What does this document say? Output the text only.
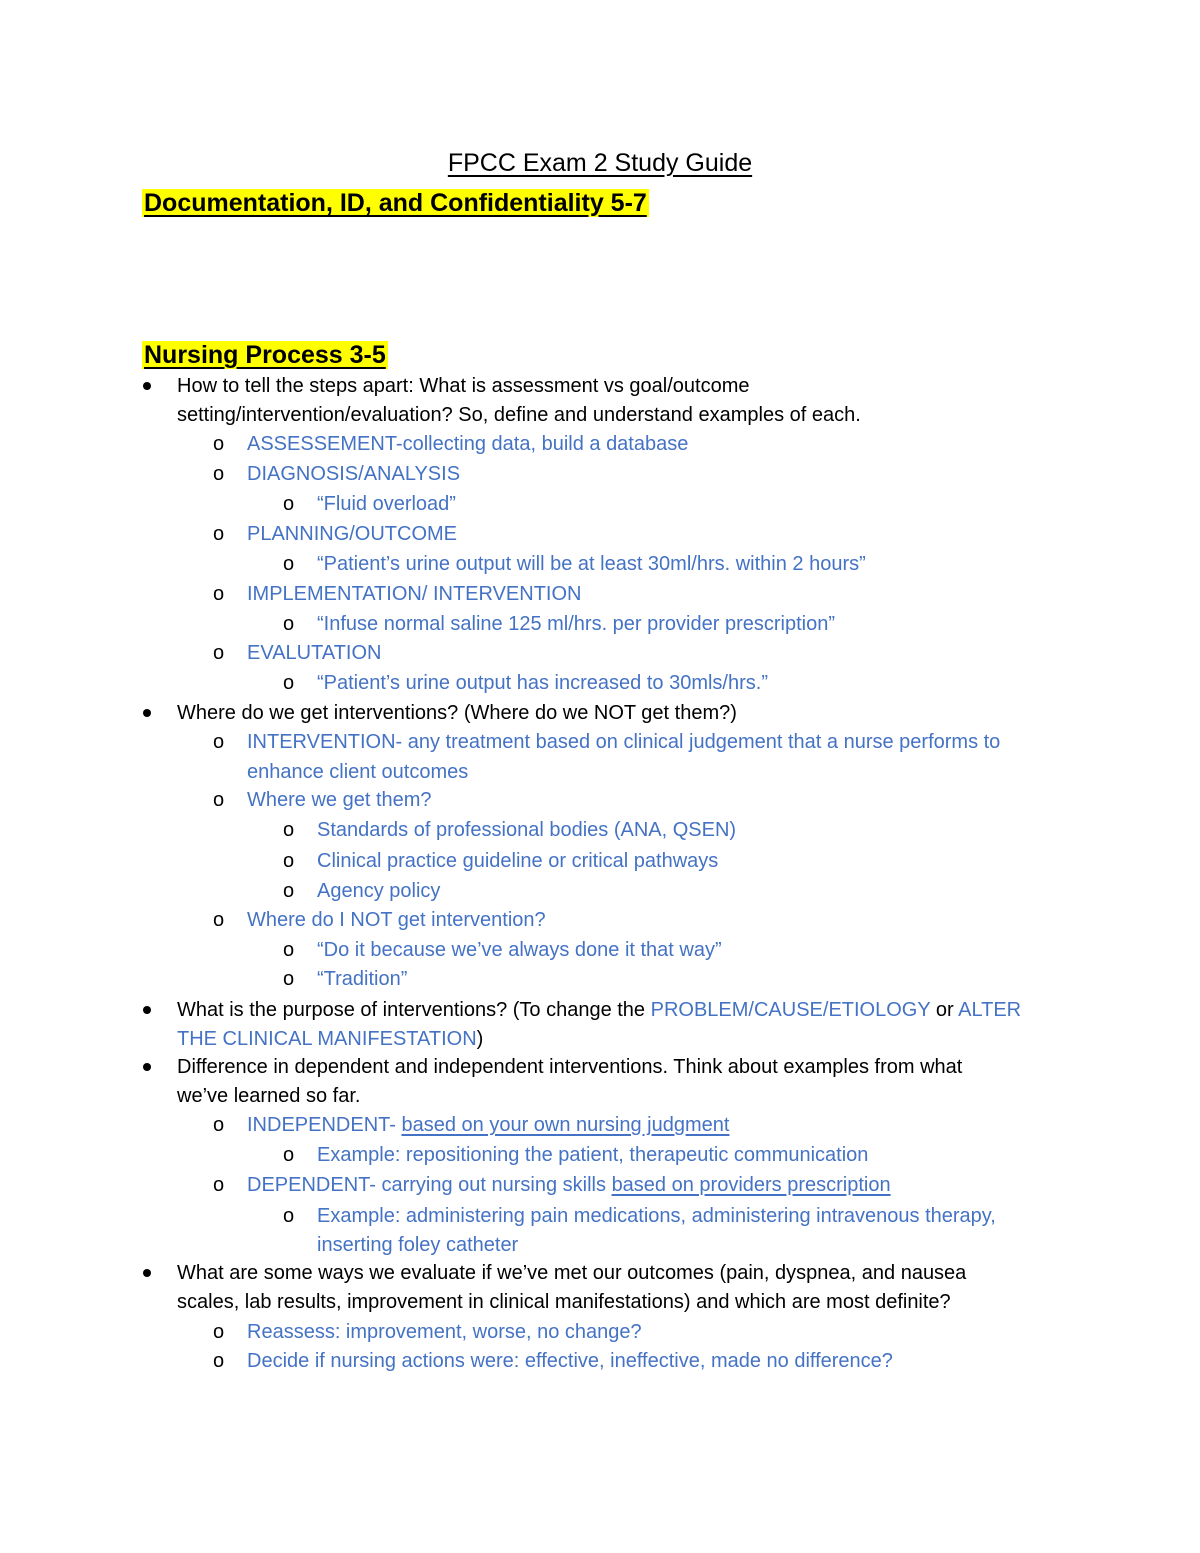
FPCC Exam 2 Study Guide
Documentation, ID, and Confidentiality 5-7
Nursing Process 3-5
How to tell the steps apart: What is assessment vs goal/outcome
setting/intervention/evaluation? So, define and understand examples of each.
o ASSESSEMENT-collecting data, build a database
o DIAGNOSIS/ANALYSIS
o “Fluid overload”
o PLANNING/OUTCOME
o “Patient’s urine output will be at least 30ml/hrs. within 2 hours”
o IMPLEMENTATION/ INTERVENTION
o “Infuse normal saline 125 ml/hrs. per provider prescription”
o EVALUTATION
o “Patient’s urine output has increased to 30mls/hrs.”
Where do we get interventions? (Where do we NOT get them?)
o INTERVENTION- any treatment based on clinical judgement that a nurse performs to
enhance client outcomes
o Where we get them?
o Standards of professional bodies (ANA, QSEN)
o Clinical practice guideline or critical pathways
o Agency policy
o Where do I NOT get intervention?
o “Do it because we’ve always done it that way”
o “Tradition”
What is the purpose of interventions? (To change the PROBLEM/CAUSE/ETIOLOGY or ALTER
THE CLINICAL MANIFESTATION)
Difference in dependent and independent interventions. Think about examples from what
we’ve learned so far.
o INDEPENDENT- based on your own nursing judgment
o Example: repositioning the patient, therapeutic communication
o DEPENDENT- carrying out nursing skills based on providers prescription
o Example: administering pain medications, administering intravenous therapy,
inserting foley catheter
What are some ways we evaluate if we’ve met our outcomes (pain, dyspnea, and nausea
scales, lab results, improvement in clinical manifestations) and which are most definite?
o Reassess: improvement, worse, no change?
o Decide if nursing actions were: effective, ineffective, made no difference?
